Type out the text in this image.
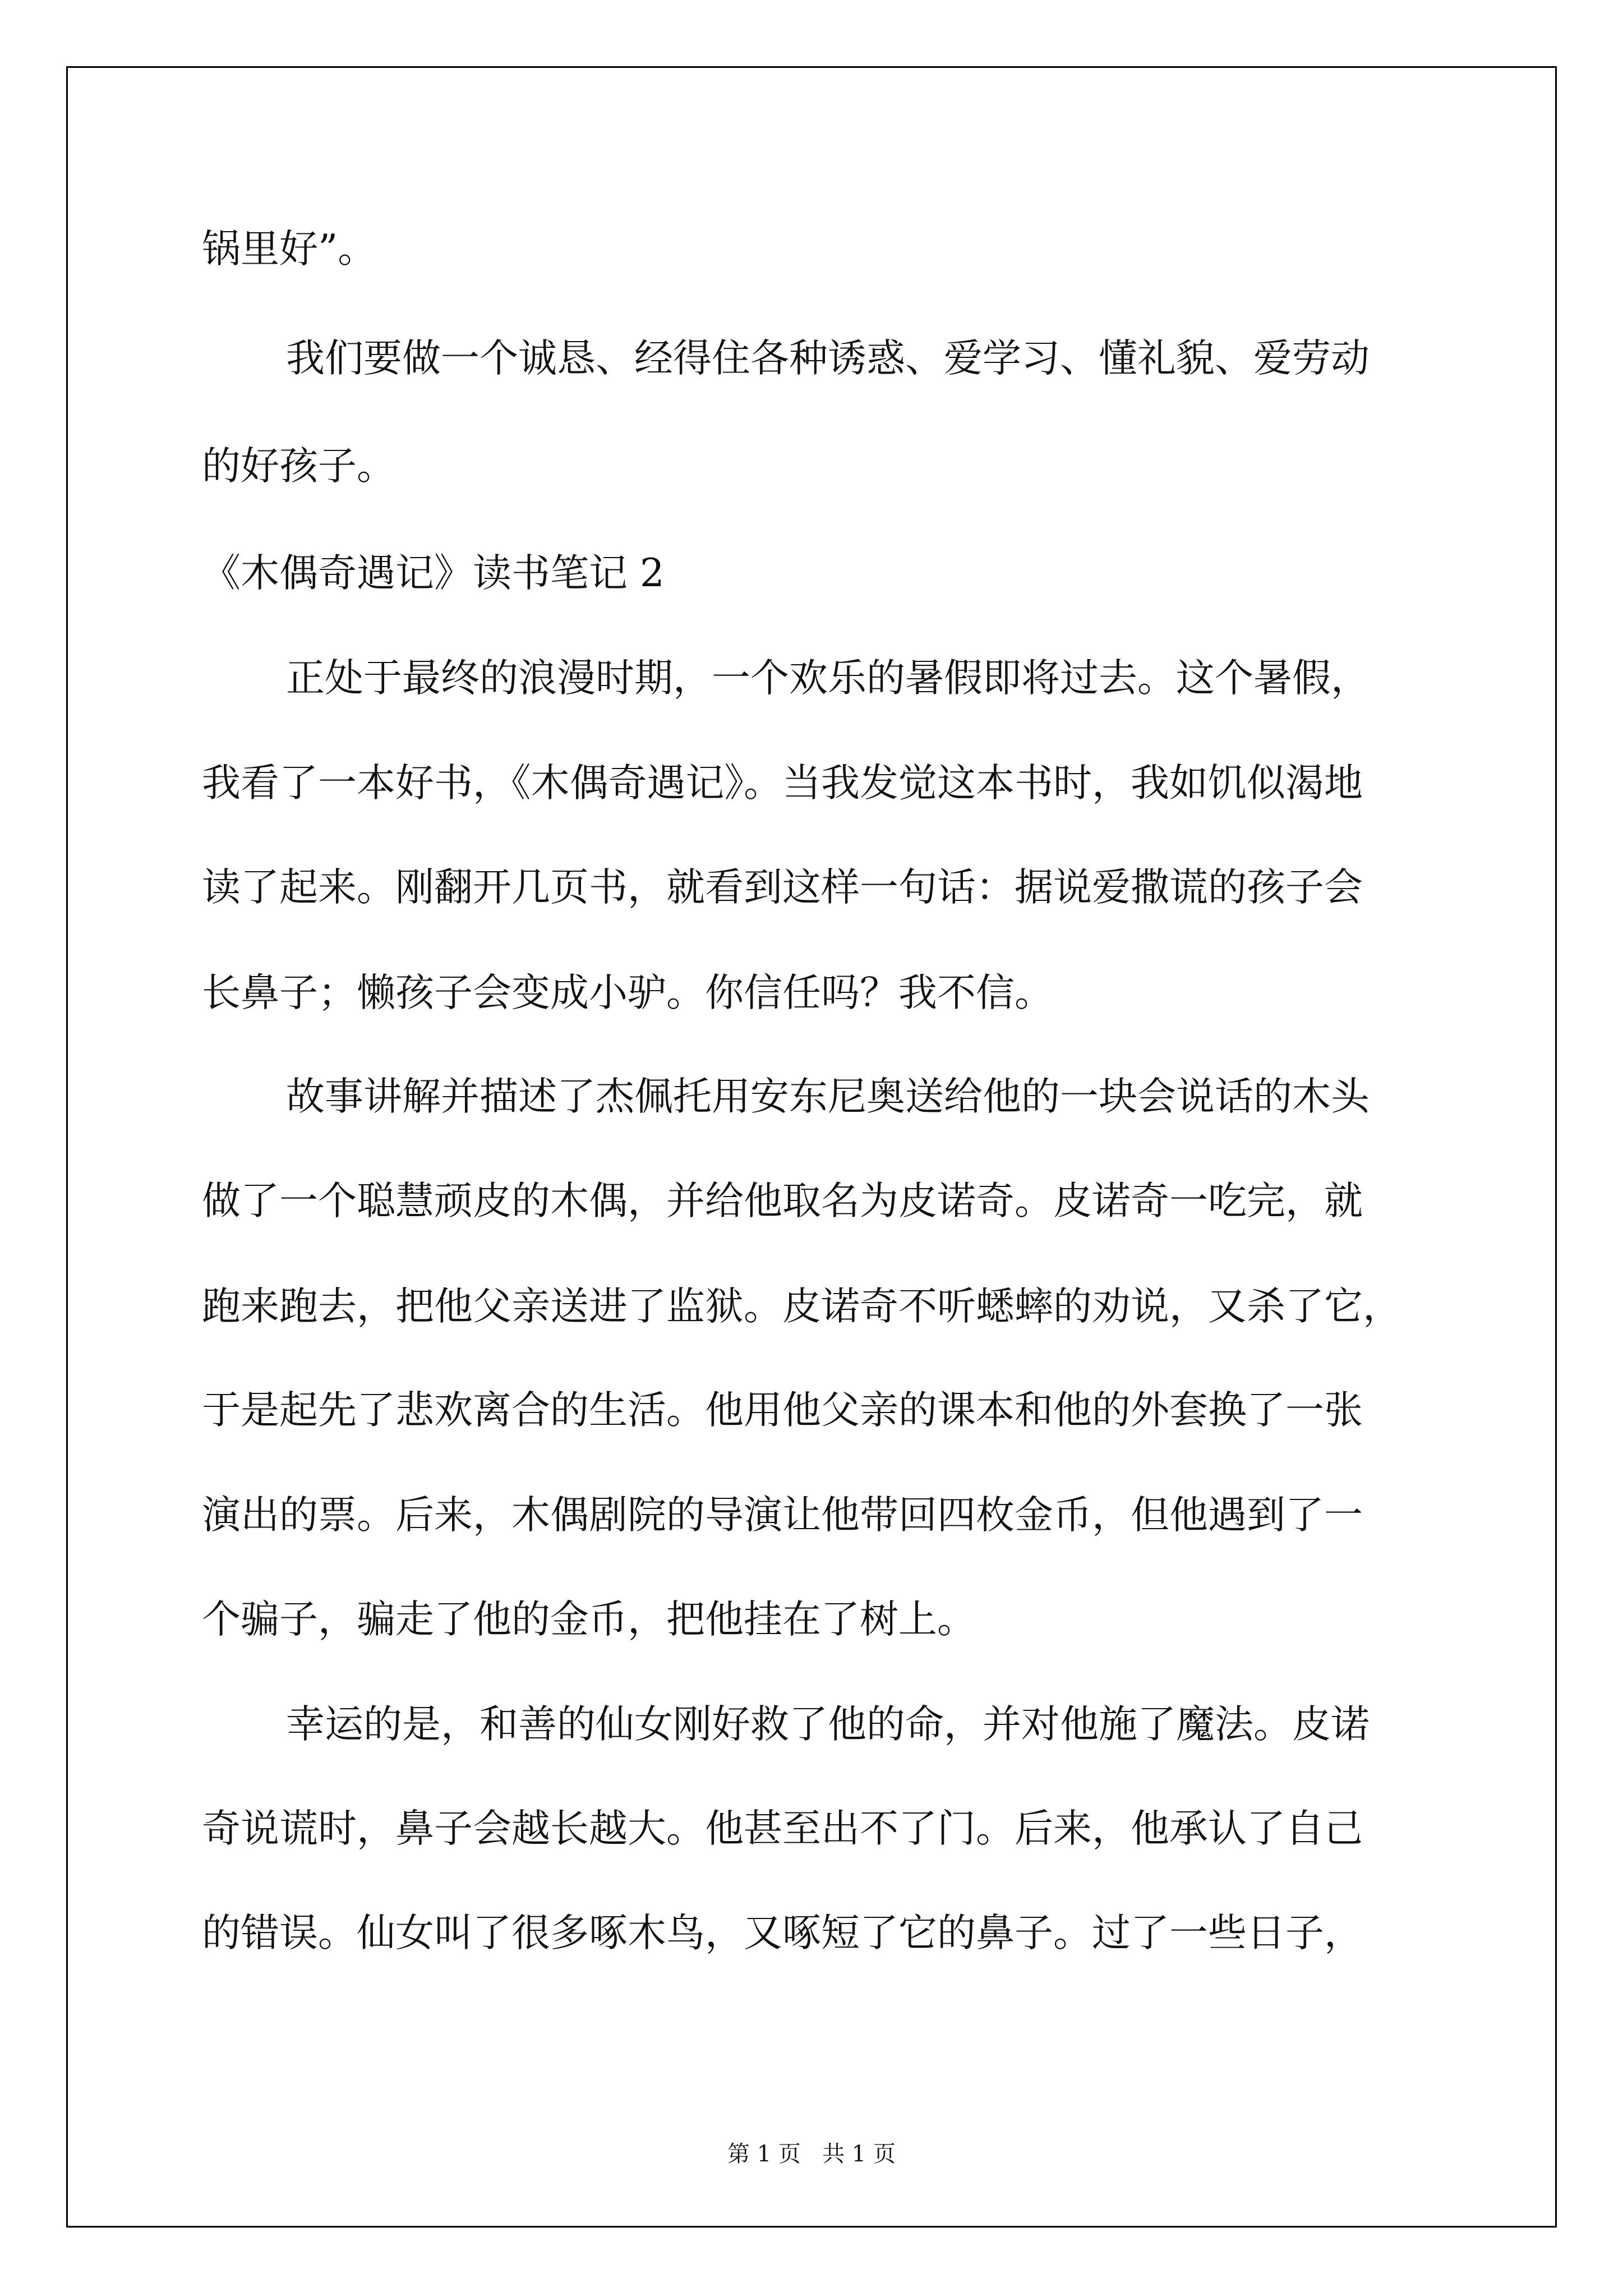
锅里好”。
我们要做一个诚恳、经得住各种诱惑、爱学习、懂礼貌、爱劳动
的好孩子。
《木偶奇遇记》读书笔记 2
正处于最终的浪漫时期，一个欢乐的暑假即将过去。这个暑假，
我看了一本好书，《木偶奇遇记》。当我发觉这本书时，我如饥似渴地
读了起来。刚翻开几页书，就看到这样一句话：据说爱撒谎的孩子会
长鼻子；懒孩子会变成小驴。你信任吗？我不信。
故事讲解并描述了杰佩托用安东尼奥送给他的一块会说话的木头
做了一个聪慧顽皮的木偶，并给他取名为皮诺奇。皮诺奇一吃完，就
跑来跑去，把他父亲送进了监狱。皮诺奇不听蟋蟀的劝说，又杀了它，
于是起先了悲欢离合的生活。他用他父亲的课本和他的外套换了一张
演出的票。后来，木偶剧院的导演让他带回四枚金币，但他遇到了一
个骗子，骗走了他的金币，把他挂在了树上。
幸运的是，和善的仙女刚好救了他的命，并对他施了魔法。皮诺
奇说谎时，鼻子会越长越大。他甚至出不了门。后来，他承认了自己
的错误。仙女叫了很多啄木鸟，又啄短了它的鼻子。过了一些日子，
第 1 页   共 1 页
